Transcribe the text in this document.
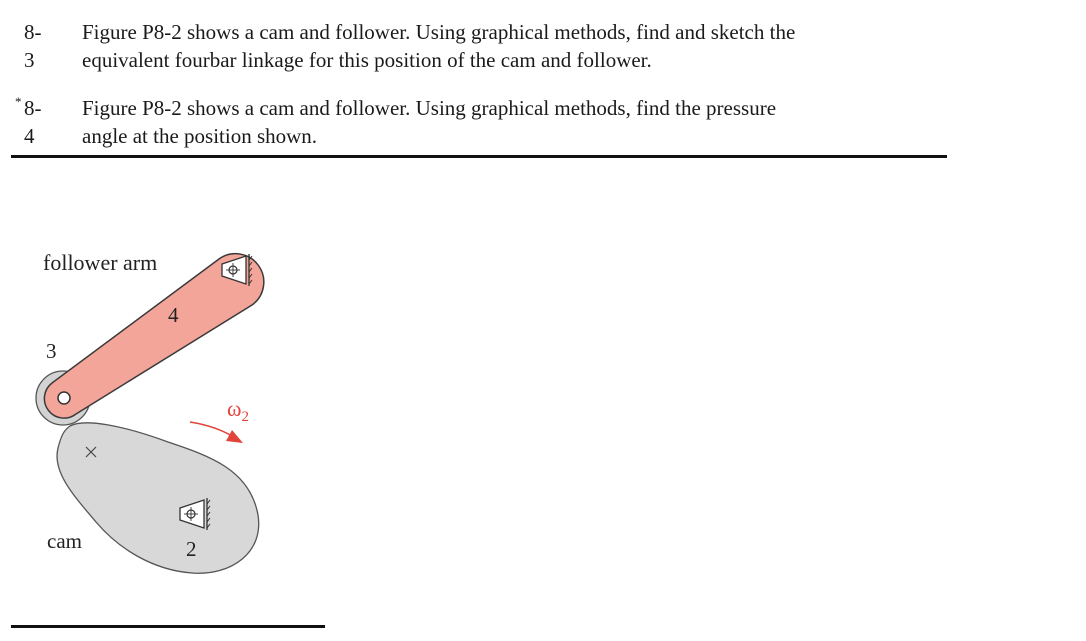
8-3
Figure P8-2 shows a cam and follower. Using graphical methods, find and sketch the
equivalent fourbar linkage for this position of the cam and follower.
* 8-4
Figure P8-2 shows a cam and follower. Using graphical methods, find the pressure
angle at the position shown.
follower arm
4
3
$\omega_2$
cam	2
